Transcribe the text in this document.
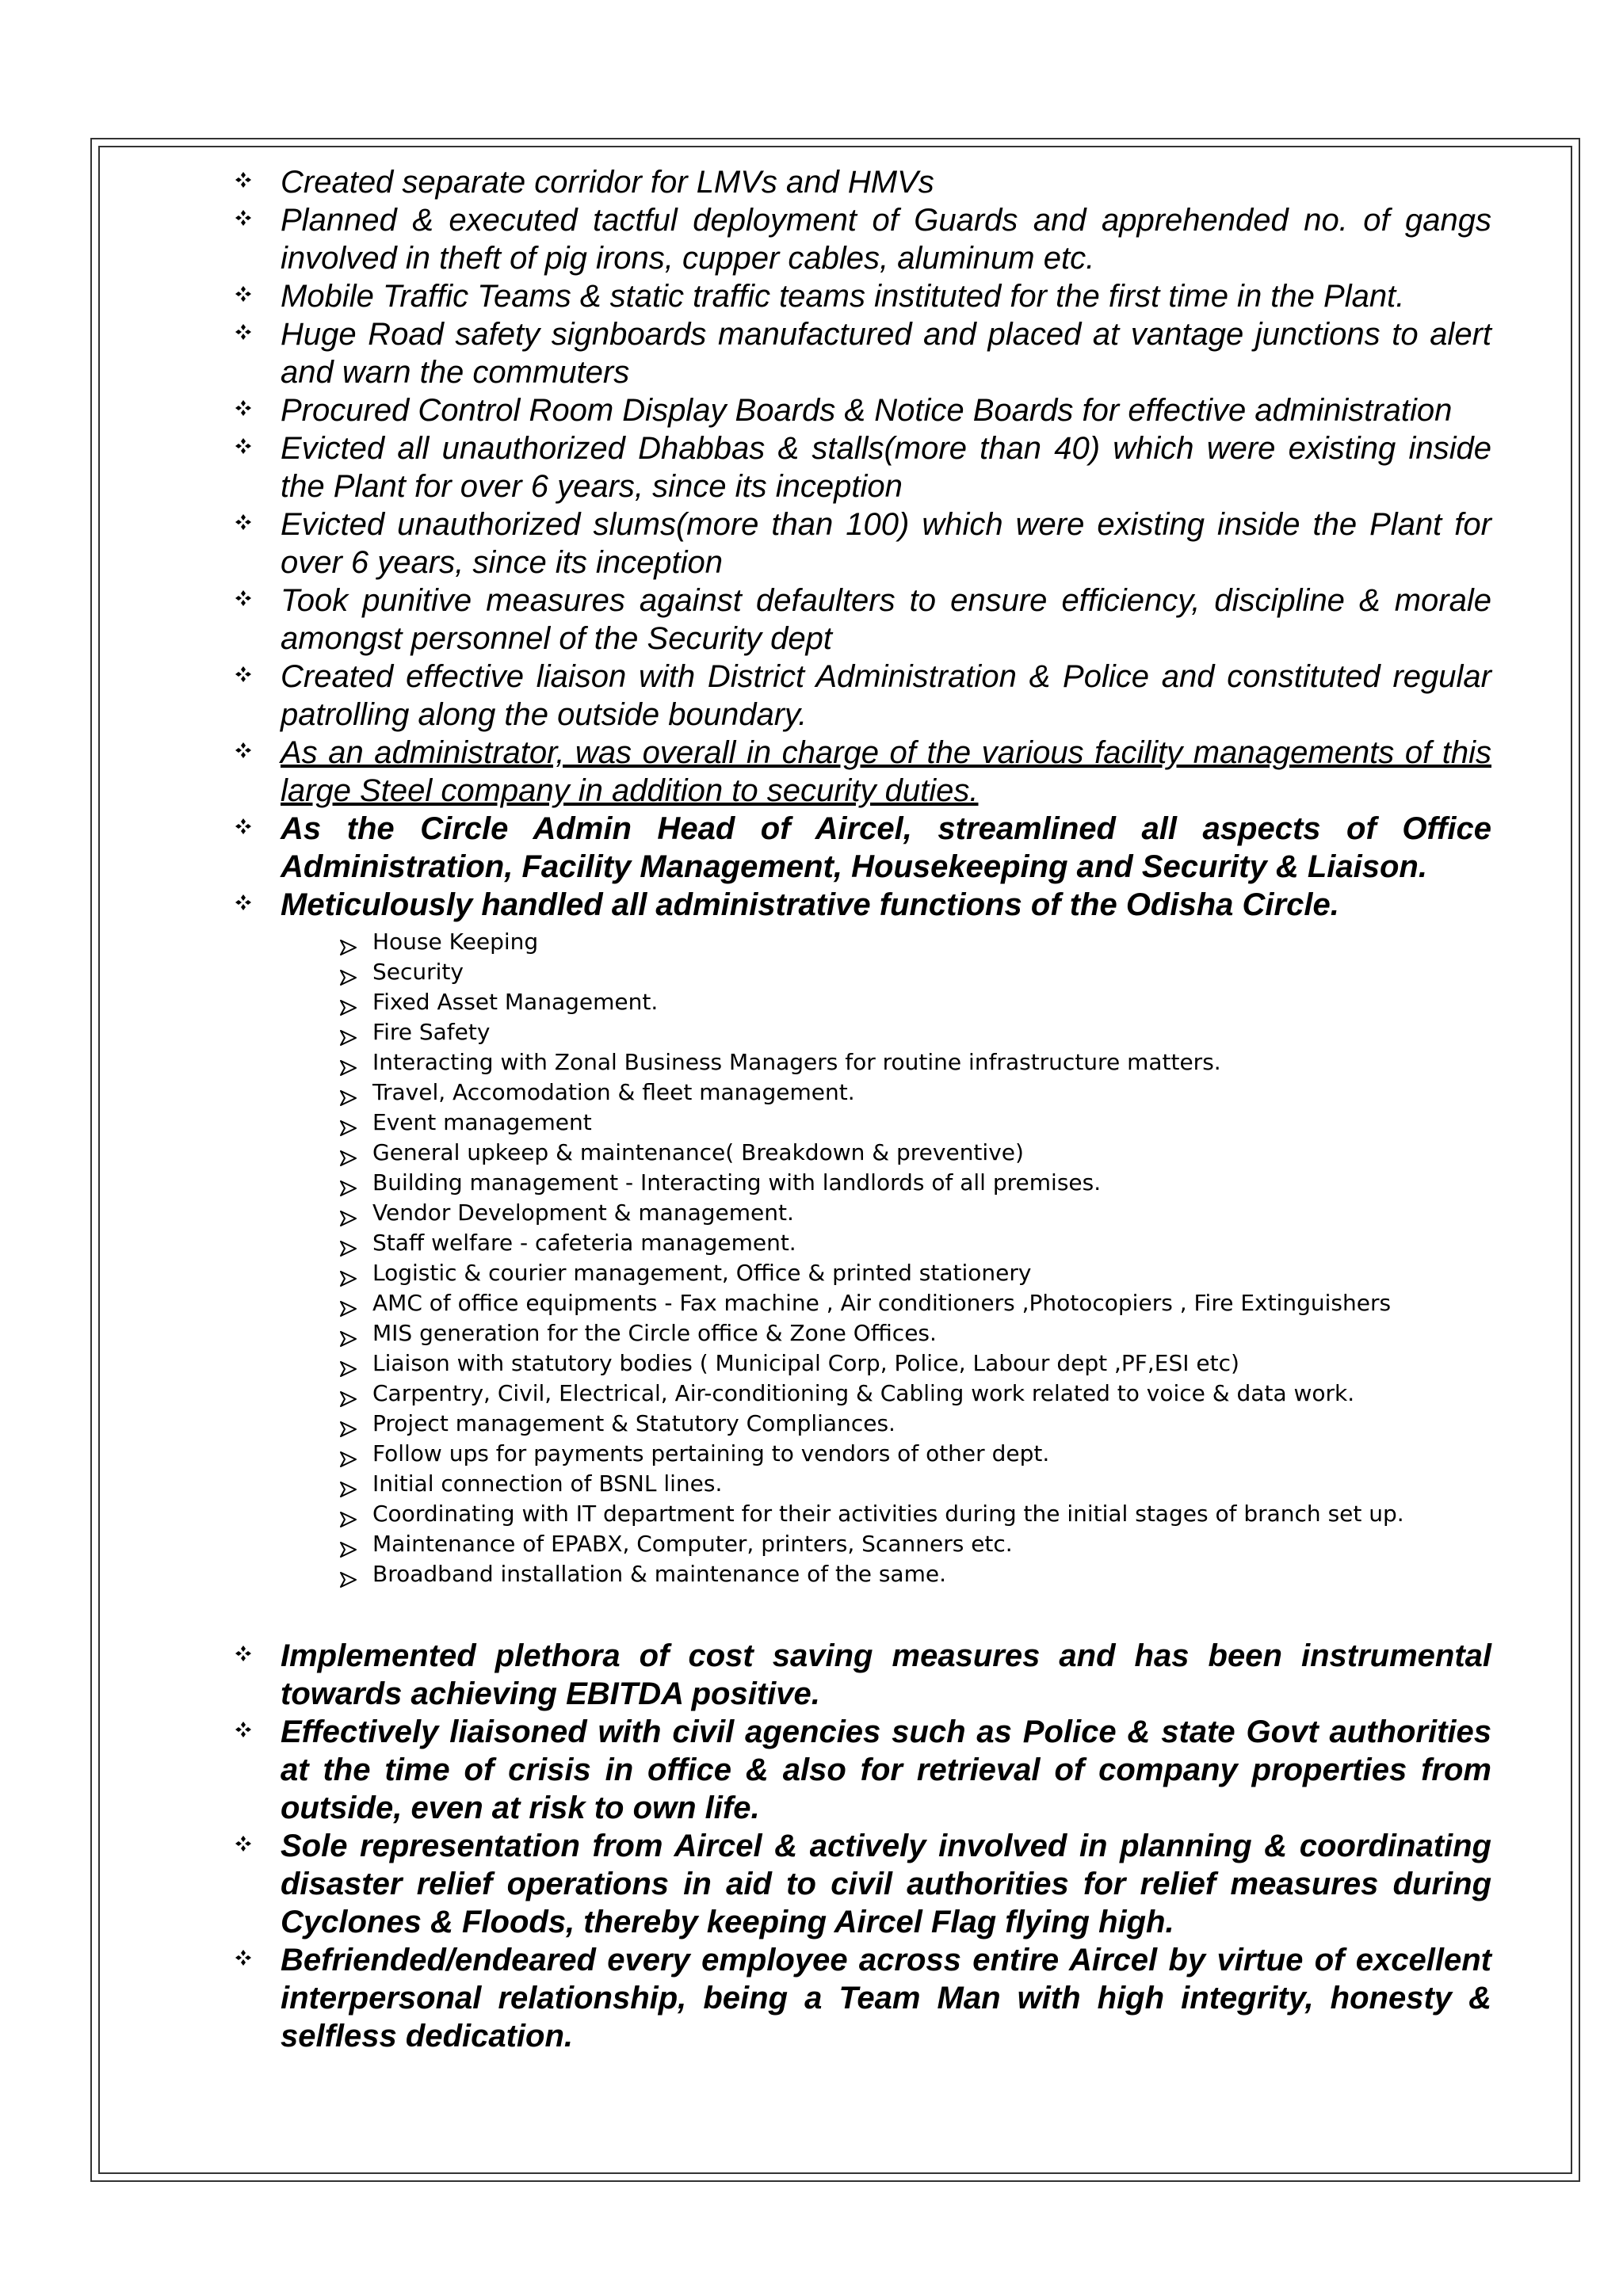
Created separate corridor for LMVs and HMVs
Planned & executed tactful deployment of Guards and apprehended no. of gangs involved in theft of pig irons, cupper cables, aluminum etc.
Mobile Traffic Teams & static traffic teams instituted for the first time in the Plant.
Huge Road safety signboards manufactured and placed at vantage junctions to alert and warn the commuters
Procured Control Room Display Boards & Notice Boards for effective administration
Evicted all unauthorized Dhabbas & stalls(more than 40) which were existing inside the Plant for over 6 years, since its inception
Evicted unauthorized slums(more than 100) which were existing inside the Plant for over 6 years, since its inception
Took punitive measures against defaulters to ensure efficiency, discipline & morale amongst personnel of the Security dept
Created effective liaison with District Administration & Police and constituted regular patrolling along the outside boundary.
As an administrator, was overall in charge of the various facility managements of this large Steel company in addition to security duties.
As the Circle Admin Head of Aircel, streamlined all aspects of Office Administration, Facility Management, Housekeeping and Security & Liaison.
Meticulously handled all administrative functions of the Odisha Circle.
House Keeping
Security
Fixed Asset Management.
Fire Safety
Interacting with Zonal Business Managers for routine infrastructure matters.
Travel, Accomodation & fleet management.
Event management
General upkeep & maintenance( Breakdown & preventive)
Building management - Interacting with landlords of all premises.
Vendor Development & management.
Staff welfare - cafeteria management.
Logistic & courier management, Office & printed stationery
AMC of office equipments - Fax machine , Air conditioners ,Photocopiers , Fire Extinguishers
MIS generation for the Circle office & Zone Offices.
Liaison with statutory bodies ( Municipal Corp, Police, Labour dept ,PF,ESI etc)
Carpentry, Civil, Electrical, Air-conditioning & Cabling work related to voice & data work.
Project management & Statutory Compliances.
Follow ups for payments pertaining to vendors of other dept.
Initial connection of BSNL lines.
Coordinating with IT department for their activities during the initial stages of branch set up.
Maintenance of EPABX, Computer, printers, Scanners etc.
Broadband installation & maintenance of the same.
Implemented plethora of cost saving measures and has been instrumental towards achieving EBITDA positive.
Effectively liaisoned with civil agencies such as Police & state Govt authorities at the time of crisis in office & also for retrieval of company properties from outside, even at risk to own life.
Sole representation from Aircel & actively involved in planning & coordinating disaster relief operations in aid to civil authorities for relief measures during Cyclones & Floods, thereby keeping Aircel Flag flying high.
Befriended/endeared every employee across entire Aircel by virtue of excellent interpersonal relationship, being a Team Man with high integrity, honesty & selfless dedication.
